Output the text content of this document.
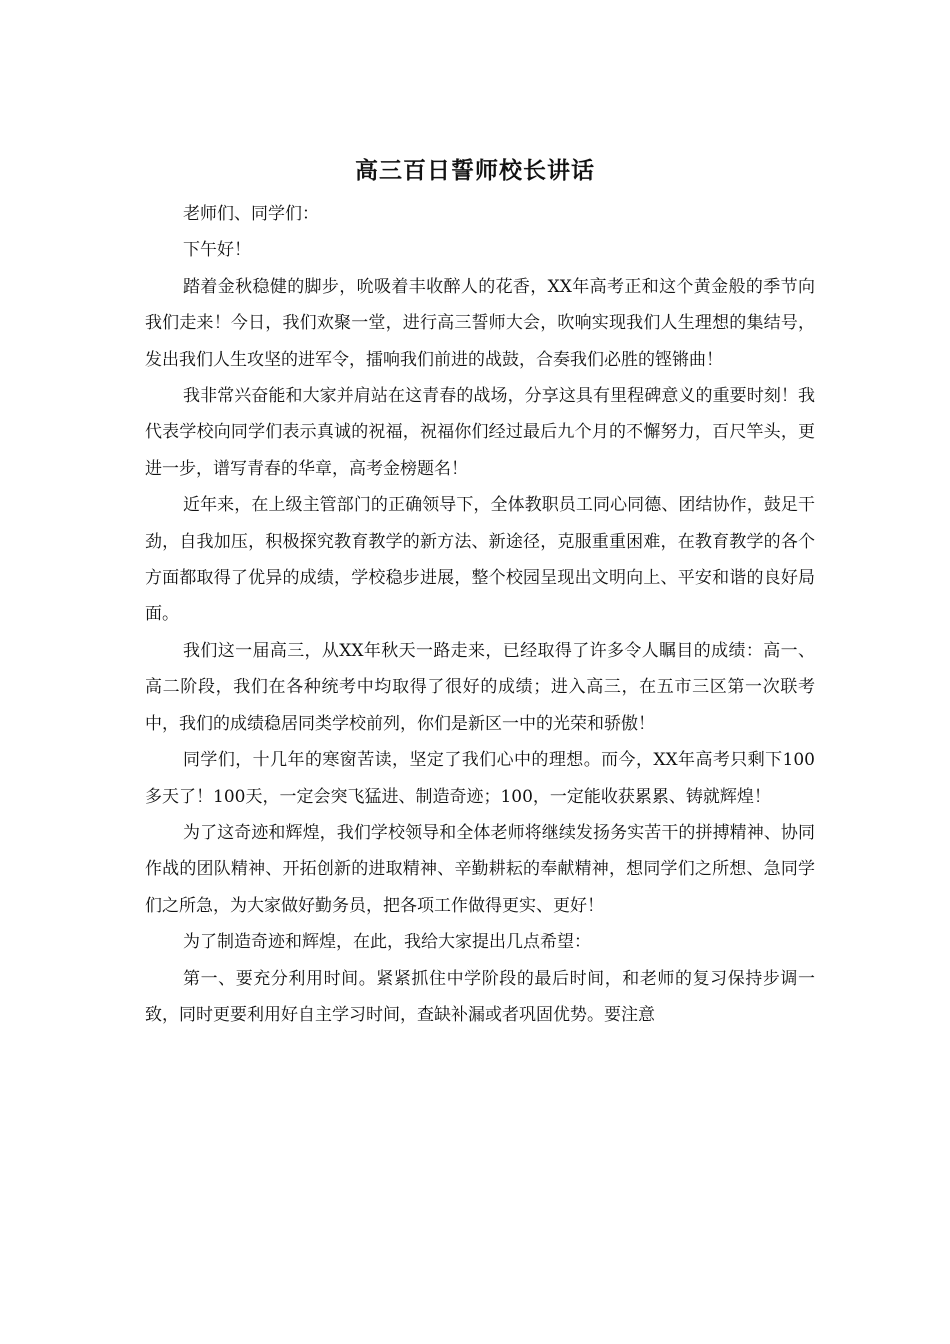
高三百日誓师校长讲话

老师们、同学们：

下午好！

踏着金秋稳健的脚步，吮吸着丰收醉人的花香，XX年高考正和这个黄金般的季节向我们走来！今日，我们欢聚一堂，进行高三誓师大会，吹响实现我们人生理想的集结号，发出我们人生攻坚的进军令，擂响我们前进的战鼓，合奏我们必胜的铿锵曲！

我非常兴奋能和大家并肩站在这青春的战场，分享这具有里程碑意义的重要时刻！我代表学校向同学们表示真诚的祝福，祝福你们经过最后九个月的不懈努力，百尺竿头，更进一步，谱写青春的华章，高考金榜题名！

近年来，在上级主管部门的正确领导下，全体教职员工同心同德、团结协作，鼓足干劲，自我加压，积极探究教育教学的新方法、新途径，克服重重困难，在教育教学的各个方面都取得了优异的成绩，学校稳步进展，整个校园呈现出文明向上、平安和谐的良好局面。

我们这一届高三，从XX年秋天一路走来，已经取得了许多令人瞩目的成绩：高一、高二阶段，我们在各种统考中均取得了很好的成绩；进入高三，在五市三区第一次联考中，我们的成绩稳居同类学校前列，你们是新区一中的光荣和骄傲！

同学们，十几年的寒窗苦读，坚定了我们心中的理想。而今，XX年高考只剩下100多天了！100天，一定会突飞猛进、制造奇迹；100，一定能收获累累、铸就辉煌！

为了这奇迹和辉煌，我们学校领导和全体老师将继续发扬务实苦干的拼搏精神、协同作战的团队精神、开拓创新的进取精神、辛勤耕耘的奉献精神，想同学们之所想、急同学们之所急，为大家做好勤务员，把各项工作做得更实、更好！

为了制造奇迹和辉煌，在此，我给大家提出几点希望：

第一、要充分利用时间。紧紧抓住中学阶段的最后时间，和老师的复习保持步调一致，同时更要利用好自主学习时间，查缺补漏或者巩固优势。要注意
